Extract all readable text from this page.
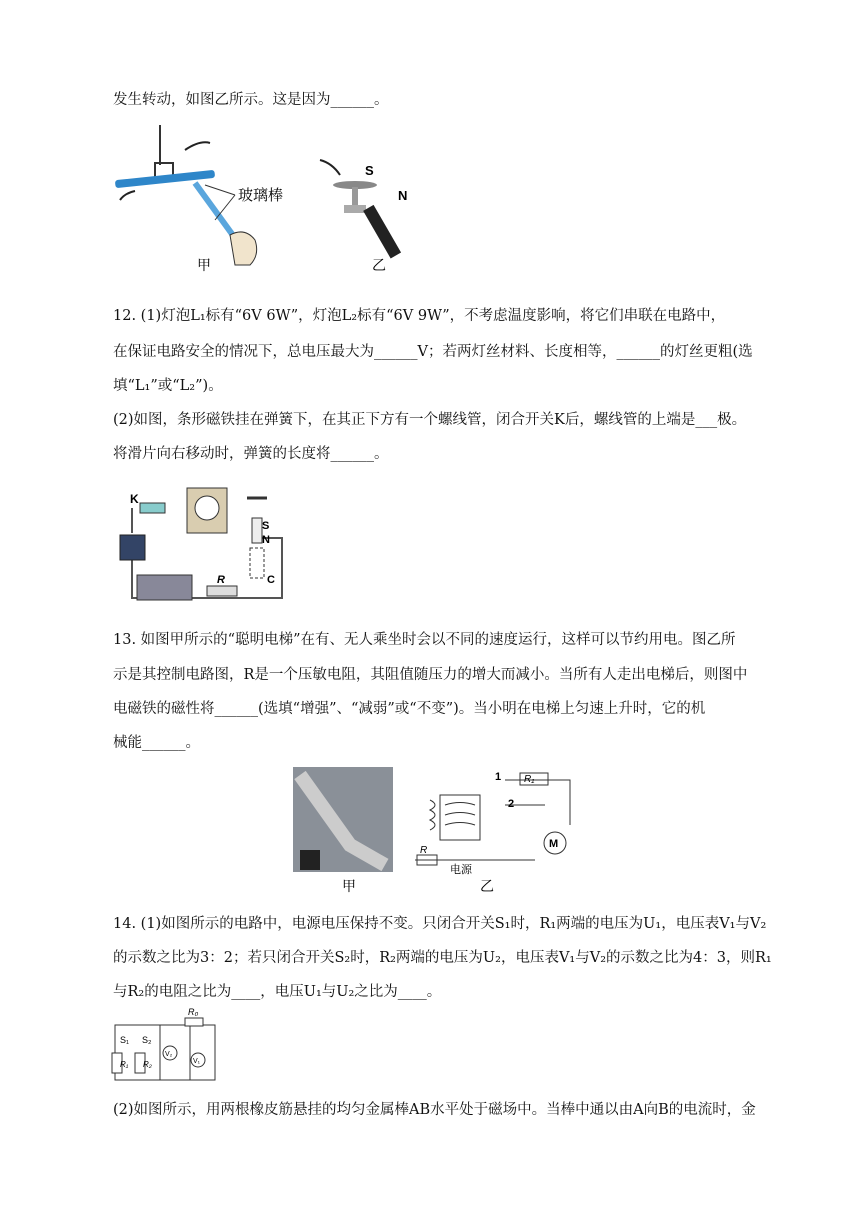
发生转动，如图乙所示。这是因为______。
玻璃棒
S
N
甲	乙
12. (1)灯泡L₁标有“6V 6W”，灯泡L₂标有“6V 9W”，不考虑温度影响，将它们串联在电路中，
在保证电路安全的情况下，总电压最大为______V；若两灯丝材料、长度相等，______的灯丝更粗(选
填“L₁”或“L₂”)。
(2)如图，条形磁铁挂在弹簧下，在其正下方有一个螺线管，闭合开关K后，螺线管的上端是___极。
将滑片向右移动时，弹簧的长度将______。
K
S
N
C
R
13. 如图甲所示的“聪明电梯”在有、无人乘坐时会以不同的速度运行，这样可以节约用电。图乙所
示是其控制电路图，R是一个压敏电阻，其阻值随压力的增大而减小。当所有人走出电梯后，则图中
电磁铁的磁性将______(选填“增强”、“减弱”或“不变”)。当小明在电梯上匀速上升时，它的机
械能______。
甲
R₁
1
2
M
R
电源
乙
14. (1)如图所示的电路中，电源电压保持不变。只闭合开关S₁时，R₁两端的电压为U₁，电压表V₁与V₂
的示数之比为3：2；若只闭合开关S₂时，R₂两端的电压为U₂，电压表V₁与V₂的示数之比为4：3，则R₁
与R₂的电阻之比为____，电压U₁与U₂之比为____。
R₀
S₁ S₂
R₁ R₂
V₂
V₁
(2)如图所示，用两根橡皮筋悬挂的均匀金属棒AB水平处于磁场中。当棒中通以由A向B的电流时，金
